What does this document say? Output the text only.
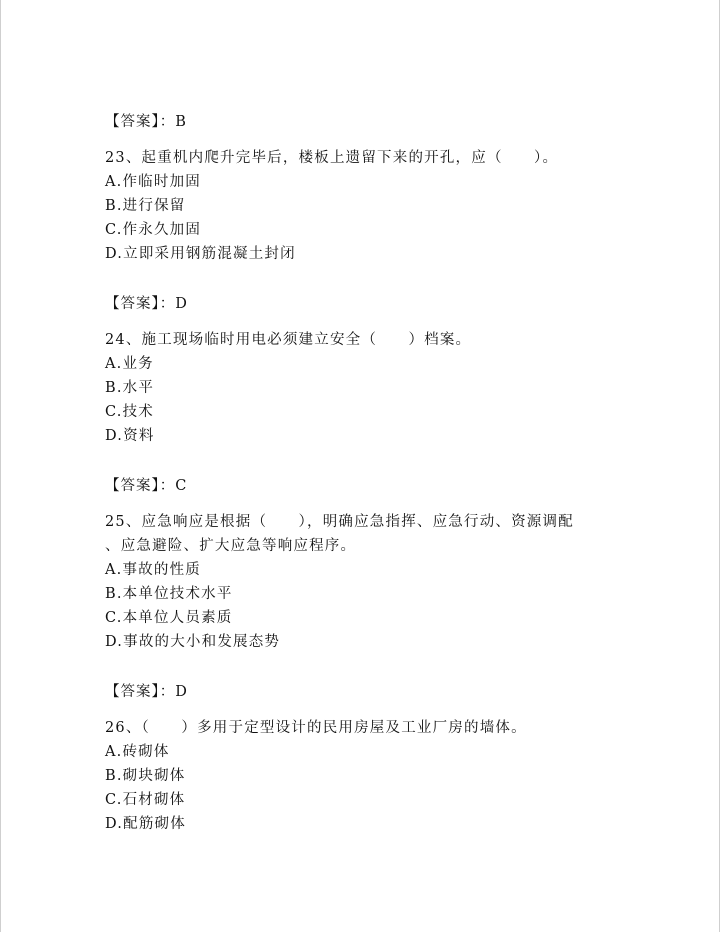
【答案】：B
23、起重机内爬升完毕后，楼板上遗留下来的开孔，应（　　）。
A.作临时加固
B.进行保留
C.作永久加固
D.立即采用钢筋混凝土封闭
【答案】：D
24、施工现场临时用电必须建立安全（　　）档案。
A.业务
B.水平
C.技术
D.资料
【答案】：C
25、应急响应是根据（　　），明确应急指挥、应急行动、资源调配
、应急避险、扩大应急等响应程序。
A.事故的性质
B.本单位技术水平
C.本单位人员素质
D.事故的大小和发展态势
【答案】：D
26、（　　）多用于定型设计的民用房屋及工业厂房的墙体。
A.砖砌体
B.砌块砌体
C.石材砌体
D.配筋砌体
